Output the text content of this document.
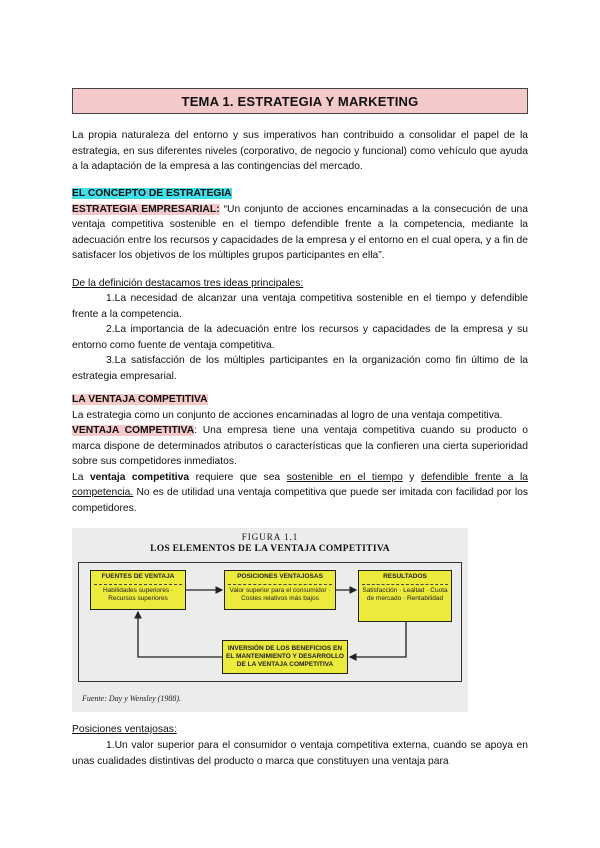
TEMA 1. ESTRATEGIA Y MARKETING

La propia naturaleza del entorno y sus imperativos han contribuido a consolidar el papel de la estrategia, en sus diferentes niveles (corporativo, de negocio y funcional) como vehículo que ayuda a la adaptación de la empresa a las contingencias del mercado.

EL CONCEPTO DE ESTRATEGIA
ESTRATEGIA EMPRESARIAL: “Un conjunto de acciones encaminadas a la consecución de una ventaja competitiva sostenible en el tiempo defendible frente a la competencia, mediante la adecuación entre los recursos y capacidades de la empresa y el entorno en el cual opera, y a fin de satisfacer los objetivos de los múltiples grupos participantes en ella”.

De la definición destacamos tres ideas principales:

1.La necesidad de alcanzar una ventaja competitiva sostenible en el tiempo y defendible frente a la competencia.

2.La importancia de la adecuación entre los recursos y capacidades de la empresa y su entorno como fuente de ventaja competitiva.

3.La satisfacción de los múltiples participantes en la organización como fin último de la estrategia empresarial.

LA VENTAJA COMPETITIVA
La estrategia como un conjunto de acciones encaminadas al logro de una ventaja competitiva.
VENTAJA COMPETITIVA: Una empresa tiene una ventaja competitiva cuando su producto o marca dispone de determinados atributos o características que la confieren una cierta superioridad sobre sus competidores inmediatos.
La ventaja competitiva requiere que sea sostenible en el tiempo y defendible frente a la competencia. No es de utilidad una ventaja competitiva que puede ser imitada con facilidad por los competidores.

FIGURA 1.1
LOS ELEMENTOS DE LA VENTAJA COMPETITIVA
FUENTES DE VENTAJA
Habilidades superiores · Recursos superiores
POSICIONES VENTAJOSAS
Valor superior para el consumidor · Costes relativos más bajos
RESULTADOS
Satisfacción · Lealtad · Cuota de mercado · Rentabilidad
INVERSIÓN DE LOS BENEFICIOS EN EL MANTENIMIENTO Y DESARROLLO DE LA VENTAJA COMPETITIVA
Fuente: Day y Wensley (1988).

Posiciones ventajosas:

1.Un valor superior para el consumidor o ventaja competitiva externa, cuando se apoya en unas cualidades distintivas del producto o marca que constituyen una ventaja para
